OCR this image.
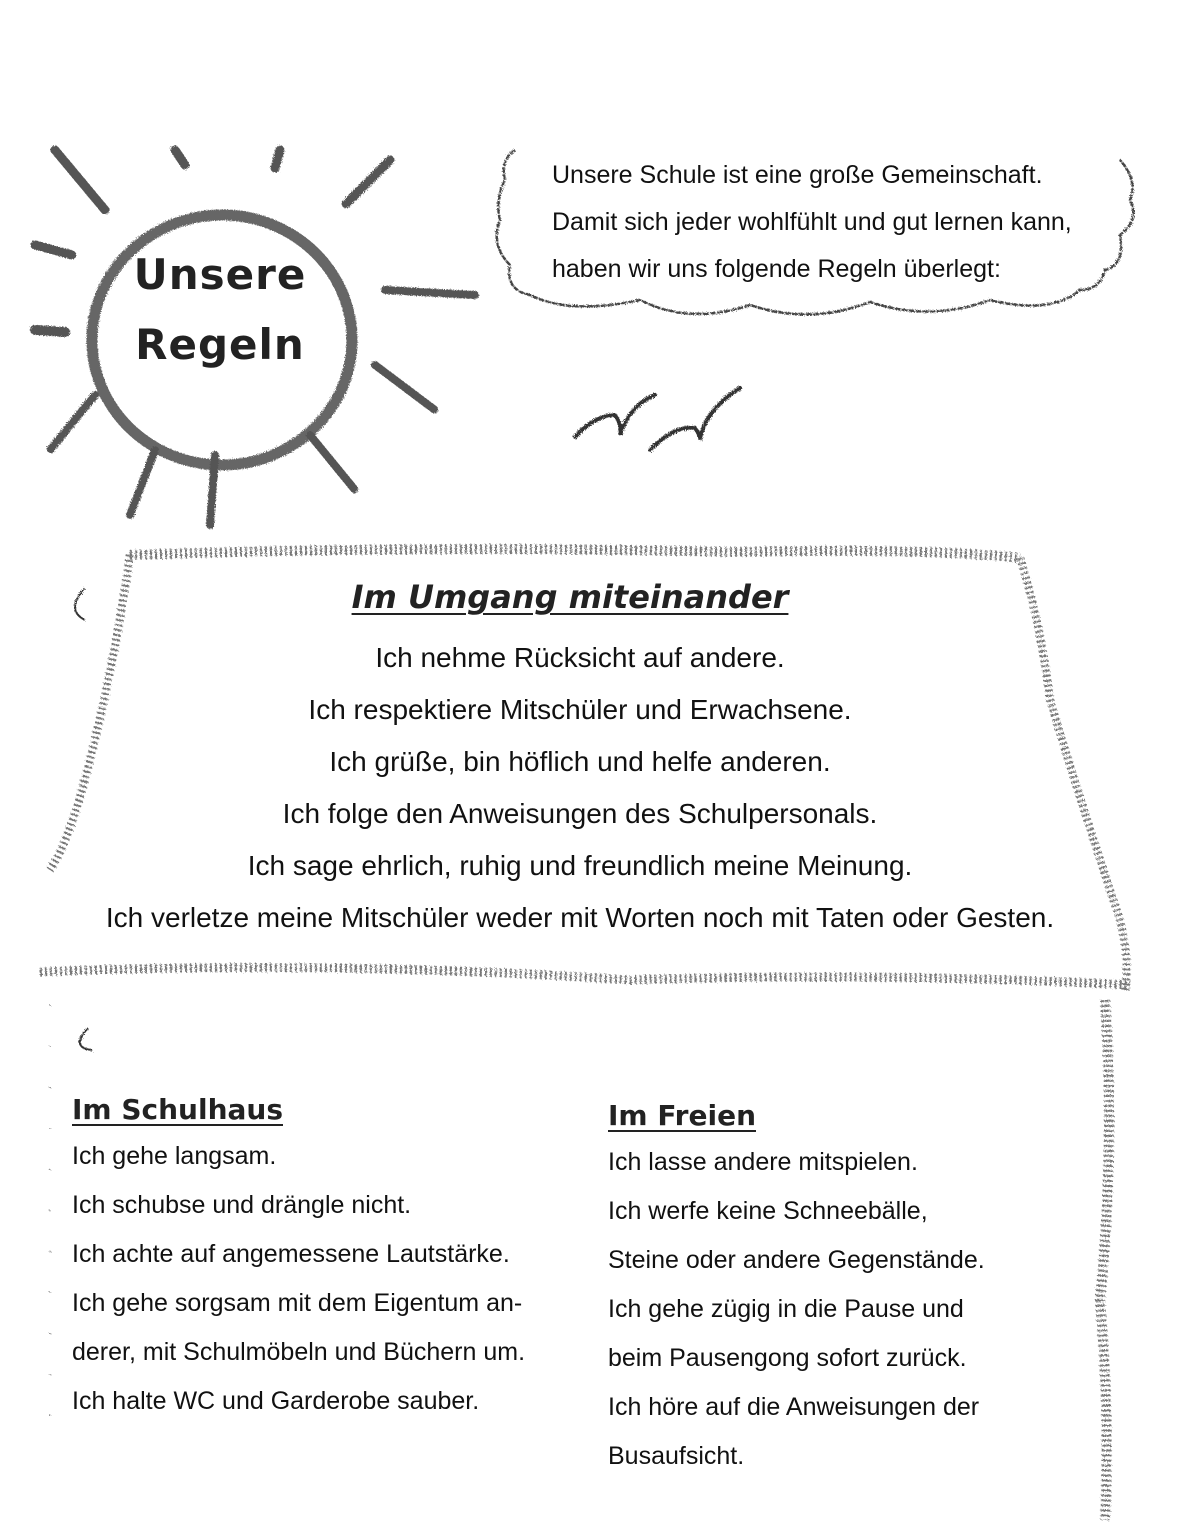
Unsere
Regeln
Unsere Schule ist eine große Gemeinschaft.
Damit sich jeder wohlfühlt und gut lernen kann,
haben wir uns folgende Regeln überlegt:
Im Umgang miteinander
Ich nehme Rücksicht auf andere.
Ich respektiere Mitschüler und Erwachsene.
Ich grüße, bin höflich und helfe anderen.
Ich folge den Anweisungen des Schulpersonals.
Ich sage ehrlich, ruhig und freundlich meine Meinung.
Ich verletze meine Mitschüler weder mit Worten noch mit Taten oder Gesten.
Im Schulhaus
Ich gehe langsam.
Ich schubse und drängle nicht.
Ich achte auf angemessene Lautstärke.
Ich gehe sorgsam mit dem Eigentum an-
derer, mit Schulmöbeln und Büchern um.
Ich halte WC und Garderobe sauber.
Im Freien
Ich lasse andere mitspielen.
Ich werfe keine Schneebälle,
Steine oder andere Gegenstände.
Ich gehe zügig in die Pause und
beim Pausengong sofort zurück.
Ich höre auf die Anweisungen der
Busaufsicht.
